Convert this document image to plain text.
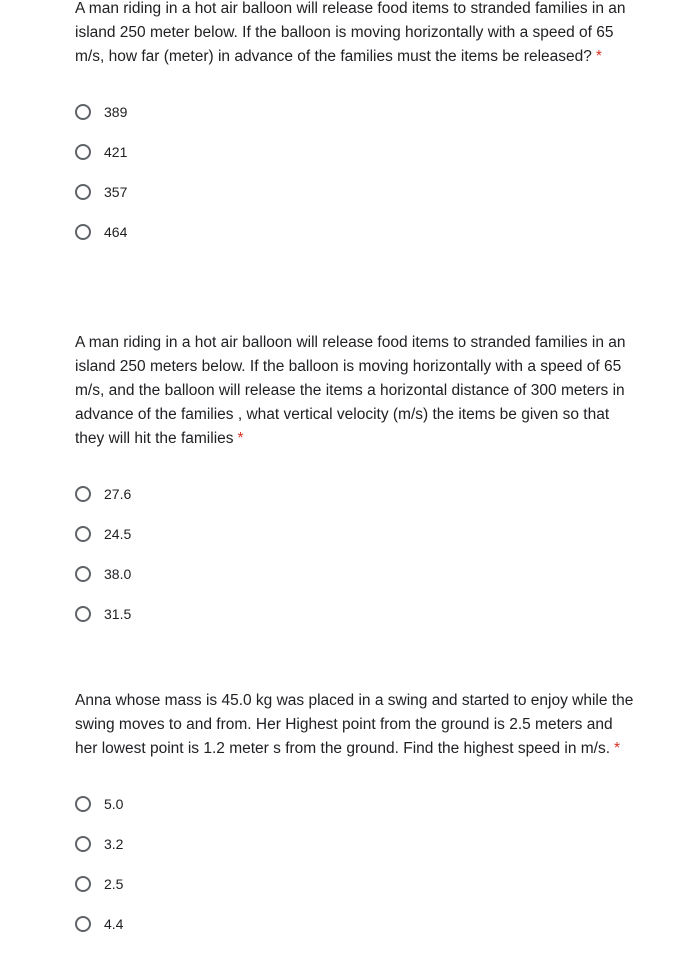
A man riding in a hot air balloon will release food items to stranded families in an island 250 meter below. If the balloon is moving horizontally with a speed of 65 m/s, how far (meter) in advance of the families must the items be released? *

389
421
357
464

A man riding in a hot air balloon will release food items to stranded families in an island 250 meters below. If the balloon is moving horizontally with a speed of 65 m/s, and the balloon will release the items a horizontal distance of 300 meters in advance of the families , what vertical velocity (m/s) the items be given so that they will hit the families *

27.6
24.5
38.0
31.5

Anna whose mass is 45.0 kg was placed in a swing and started to enjoy while the swing moves to and from. Her Highest point from the ground is 2.5 meters and her lowest point is 1.2 meter s from the ground. Find the highest speed in m/s. *

5.0
3.2
2.5
4.4
